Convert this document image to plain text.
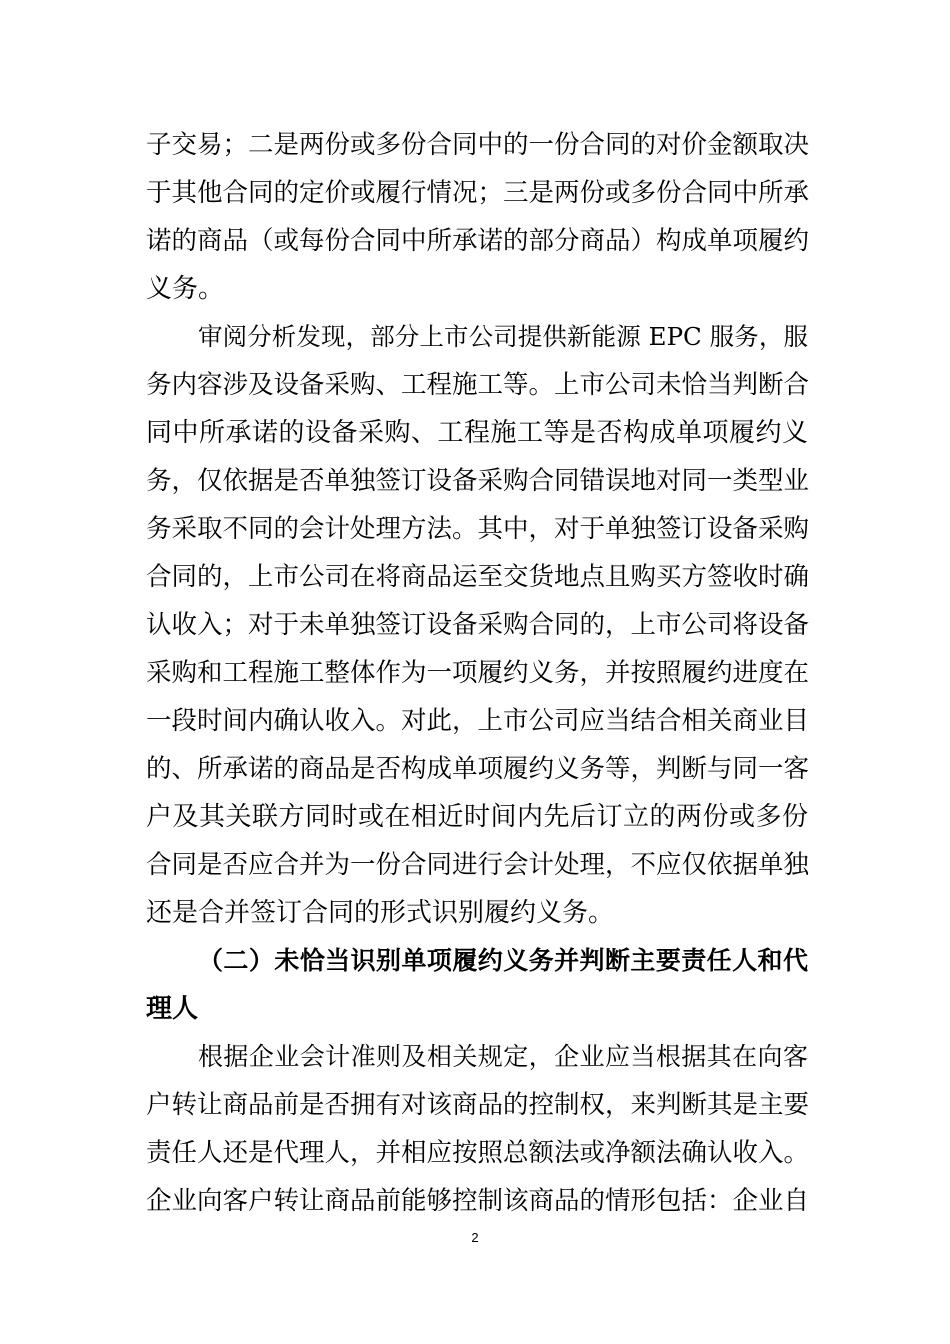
子交易；二是两份或多份合同中的一份合同的对价金额取决
于其他合同的定价或履行情况；三是两份或多份合同中所承
诺的商品（或每份合同中所承诺的部分商品）构成单项履约
义务。
审阅分析发现，部分上市公司提供新能源 EPC 服务，服
务内容涉及设备采购、工程施工等。上市公司未恰当判断合
同中所承诺的设备采购、工程施工等是否构成单项履约义
务，仅依据是否单独签订设备采购合同错误地对同一类型业
务采取不同的会计处理方法。其中，对于单独签订设备采购
合同的，上市公司在将商品运至交货地点且购买方签收时确
认收入；对于未单独签订设备采购合同的，上市公司将设备
采购和工程施工整体作为一项履约义务，并按照履约进度在
一段时间内确认收入。对此，上市公司应当结合相关商业目
的、所承诺的商品是否构成单项履约义务等，判断与同一客
户及其关联方同时或在相近时间内先后订立的两份或多份
合同是否应合并为一份合同进行会计处理，不应仅依据单独
还是合并签订合同的形式识别履约义务。
（二）未恰当识别单项履约义务并判断主要责任人和代
理人
根据企业会计准则及相关规定，企业应当根据其在向客
户转让商品前是否拥有对该商品的控制权，来判断其是主要
责任人还是代理人，并相应按照总额法或净额法确认收入。
企业向客户转让商品前能够控制该商品的情形包括：企业自
2
